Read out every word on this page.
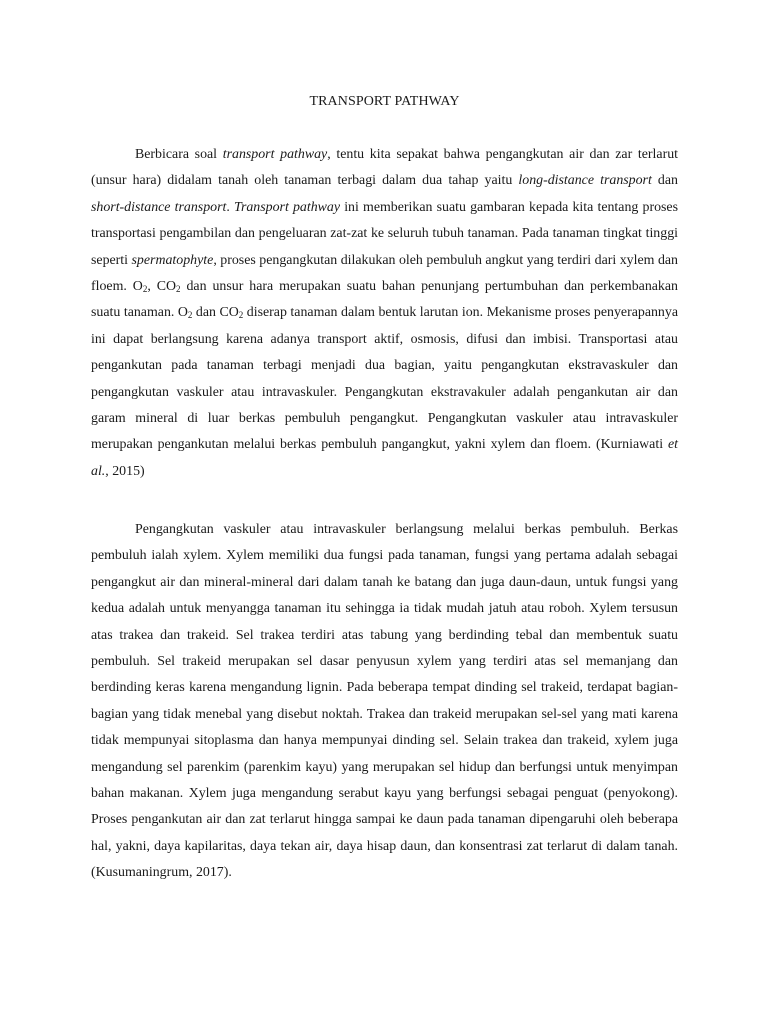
TRANSPORT PATHWAY

Berbicara soal transport pathway, tentu kita sepakat bahwa pengangkutan air dan zar terlarut (unsur hara) didalam tanah oleh tanaman terbagi dalam dua tahap yaitu long-distance transport dan short-distance transport. Transport pathway ini memberikan suatu gambaran kepada kita tentang proses transportasi pengambilan dan pengeluaran zat-zat ke seluruh tubuh tanaman. Pada tanaman tingkat tinggi seperti spermatophyte, proses pengangkutan dilakukan oleh pembuluh angkut yang terdiri dari xylem dan floem. $O_2$, $CO_2$ dan unsur hara merupakan suatu bahan penunjang pertumbuhan dan perkembanakan suatu tanaman. $O_2$ dan $CO_2$ diserap tanaman dalam bentuk larutan ion. Mekanisme proses penyerapannya ini dapat berlangsung karena adanya transport aktif, osmosis, difusi dan imbisi. Transportasi atau pengankutan pada tanaman terbagi menjadi dua bagian, yaitu pengangkutan ekstravaskuler dan pengangkutan vaskuler atau intravaskuler. Pengangkutan ekstravakuler adalah pengankutan air dan garam mineral di luar berkas pembuluh pengangkut. Pengangkutan vaskuler atau intravaskuler merupakan pengankutan melalui berkas pembuluh pangangkut, yakni xylem dan floem. (Kurniawati et al., 2015)

Pengangkutan vaskuler atau intravaskuler berlangsung melalui berkas pembuluh. Berkas pembuluh ialah xylem. Xylem memiliki dua fungsi pada tanaman, fungsi yang pertama adalah sebagai pengangkut air dan mineral-mineral dari dalam tanah ke batang dan juga daun-daun, untuk fungsi yang kedua adalah untuk menyangga tanaman itu sehingga ia tidak mudah jatuh atau roboh. Xylem tersusun atas trakea dan trakeid. Sel trakea terdiri atas tabung yang berdinding tebal dan membentuk suatu pembuluh. Sel trakeid merupakan sel dasar penyusun xylem yang terdiri atas sel memanjang dan berdinding keras karena mengandung lignin. Pada beberapa tempat dinding sel trakeid, terdapat bagian-bagian yang tidak menebal yang disebut noktah. Trakea dan trakeid merupakan sel-sel yang mati karena tidak mempunyai sitoplasma dan hanya mempunyai dinding sel. Selain trakea dan trakeid, xylem juga mengandung sel parenkim (parenkim kayu) yang merupakan sel hidup dan berfungsi untuk menyimpan bahan makanan. Xylem juga mengandung serabut kayu yang berfungsi sebagai penguat (penyokong). Proses pengankutan air dan zat terlarut hingga sampai ke daun pada tanaman dipengaruhi oleh beberapa hal, yakni, daya kapilaritas, daya tekan air, daya hisap daun, dan konsentrasi zat terlarut di dalam tanah. (Kusumaningrum, 2017).
